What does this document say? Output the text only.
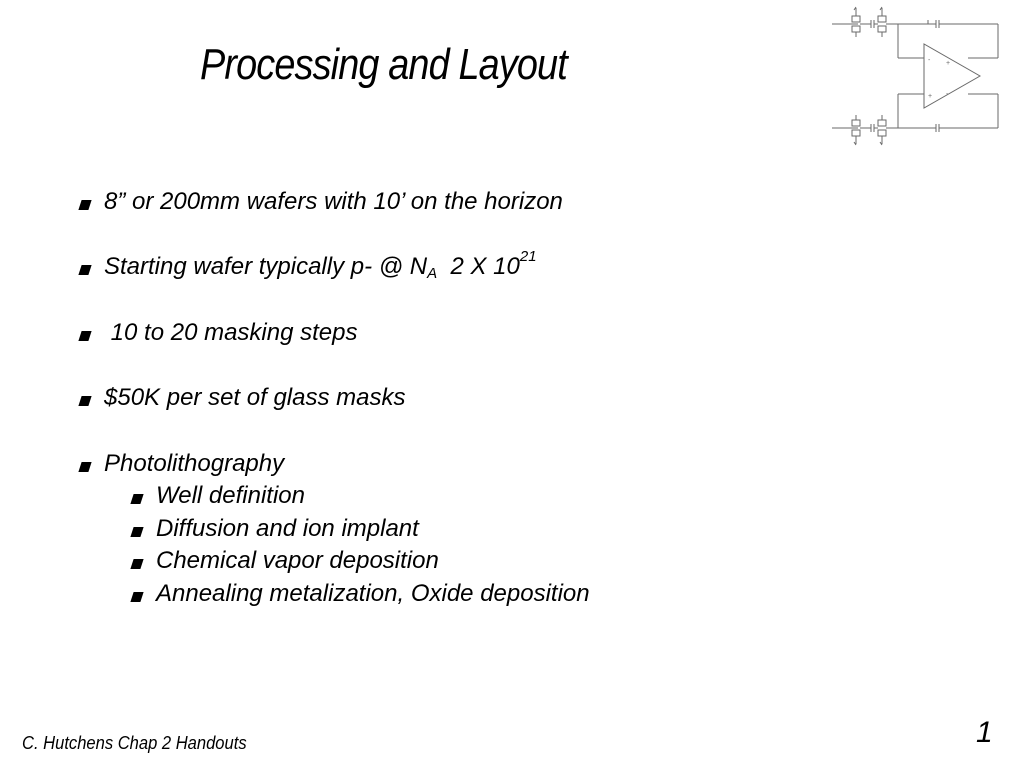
Processing and Layout	- +
+ -
8” or 200mm wafers with 10’ on the horizon
Starting wafer typically p- @ N A 2 X 10 21
10 to 20 masking steps
$50K per set of glass masks
Photolithography
Well definition
Diffusion and ion implant
Chemical vapor deposition
Annealing metalization, Oxide deposition
C. Hutchens Chap 2 Handouts	1
